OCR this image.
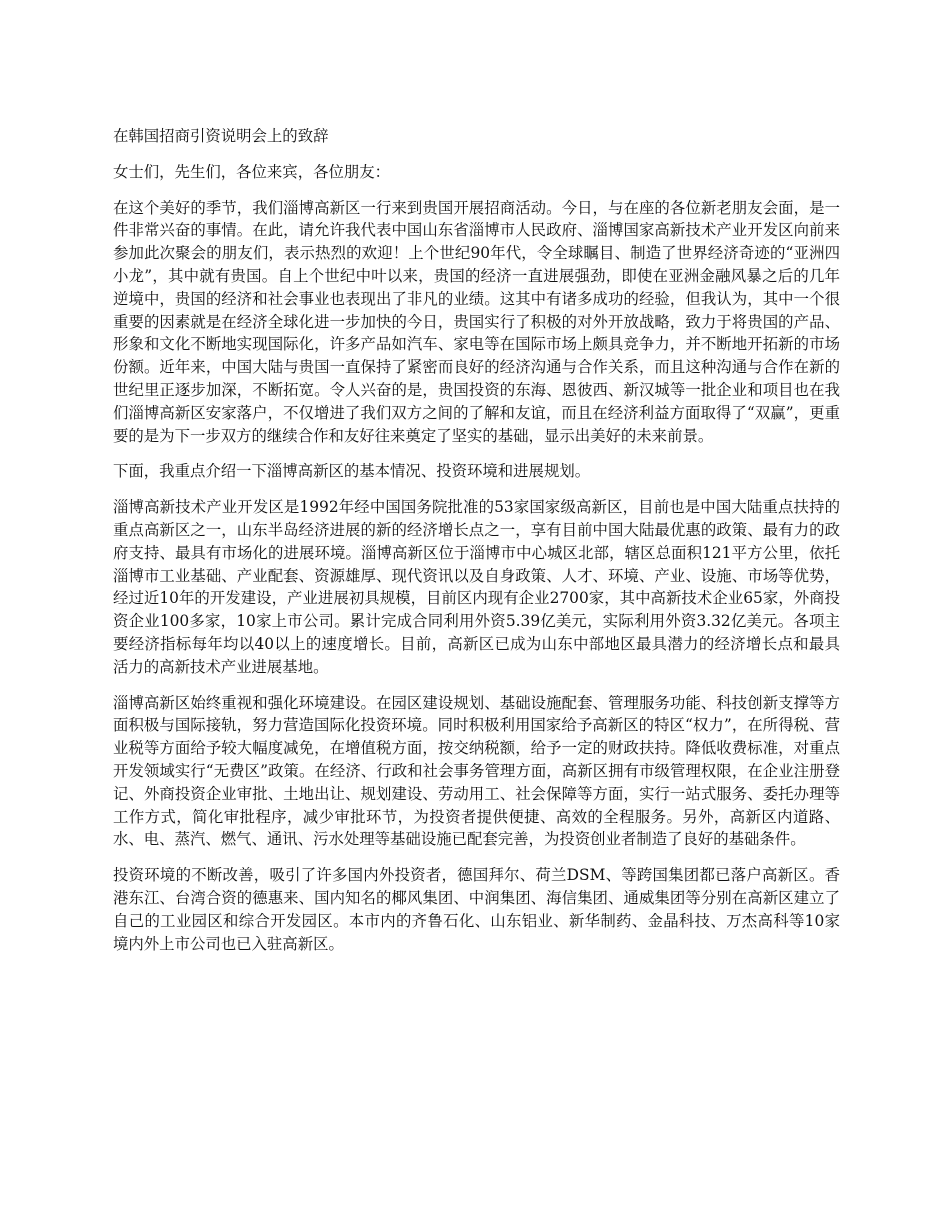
在韩国招商引资说明会上的致辞

女士们，先生们，各位来宾，各位朋友：

在这个美好的季节，我们淄博高新区一行来到贵国开展招商活动。今日，与在座的各位新老朋友会面，是一件非常兴奋的事情。在此，请允许我代表中国山东省淄博市人民政府、淄博国家高新技术产业开发区向前来参加此次聚会的朋友们，表示热烈的欢迎！上个世纪90年代，令全球瞩目、制造了世界经济奇迹的“亚洲四小龙”，其中就有贵国。自上个世纪中叶以来，贵国的经济一直进展强劲，即使在亚洲金融风暴之后的几年逆境中，贵国的经济和社会事业也表现出了非凡的业绩。这其中有诸多成功的经验，但我认为，其中一个很重要的因素就是在经济全球化进一步加快的今日，贵国实行了积极的对外开放战略，致力于将贵国的产品、形象和文化不断地实现国际化，许多产品如汽车、家电等在国际市场上颇具竞争力，并不断地开拓新的市场份额。近年来，中国大陆与贵国一直保持了紧密而良好的经济沟通与合作关系，而且这种沟通与合作在新的世纪里正逐步加深，不断拓宽。令人兴奋的是，贵国投资的东海、恩彼西、新汉城等一批企业和项目也在我们淄博高新区安家落户，不仅增进了我们双方之间的了解和友谊，而且在经济利益方面取得了“双赢”，更重要的是为下一步双方的继续合作和友好往来奠定了坚实的基础，显示出美好的未来前景。

下面，我重点介绍一下淄博高新区的基本情况、投资环境和进展规划。

淄博高新技术产业开发区是1992年经中国国务院批准的53家国家级高新区，目前也是中国大陆重点扶持的重点高新区之一，山东半岛经济进展的新的经济增长点之一，享有目前中国大陆最优惠的政策、最有力的政府支持、最具有市场化的进展环境。淄博高新区位于淄博市中心城区北部，辖区总面积121平方公里，依托淄博市工业基础、产业配套、资源雄厚、现代资讯以及自身政策、人才、环境、产业、设施、市场等优势，经过近10年的开发建设，产业进展初具规模，目前区内现有企业2700家，其中高新技术企业65家，外商投资企业100多家，10家上市公司。累计完成合同利用外资5.39亿美元，实际利用外资3.32亿美元。各项主要经济指标每年均以40以上的速度增长。目前，高新区已成为山东中部地区最具潜力的经济增长点和最具活力的高新技术产业进展基地。

淄博高新区始终重视和强化环境建设。在园区建设规划、基础设施配套、管理服务功能、科技创新支撑等方面积极与国际接轨，努力营造国际化投资环境。同时积极利用国家给予高新区的特区“权力”，在所得税、营业税等方面给予较大幅度减免，在增值税方面，按交纳税额，给予一定的财政扶持。降低收费标准，对重点开发领域实行“无费区”政策。在经济、行政和社会事务管理方面，高新区拥有市级管理权限，在企业注册登记、外商投资企业审批、土地出让、规划建设、劳动用工、社会保障等方面，实行一站式服务、委托办理等工作方式，简化审批程序，减少审批环节，为投资者提供便捷、高效的全程服务。另外，高新区内道路、水、电、蒸汽、燃气、通讯、污水处理等基础设施已配套完善，为投资创业者制造了良好的基础条件。

投资环境的不断改善，吸引了许多国内外投资者，德国拜尔、荷兰DSM、等跨国集团都已落户高新区。香港东江、台湾合资的德惠来、国内知名的椰风集团、中润集团、海信集团、通威集团等分别在高新区建立了自己的工业园区和综合开发园区。本市内的齐鲁石化、山东铝业、新华制药、金晶科技、万杰高科等10家境内外上市公司也已入驻高新区。
